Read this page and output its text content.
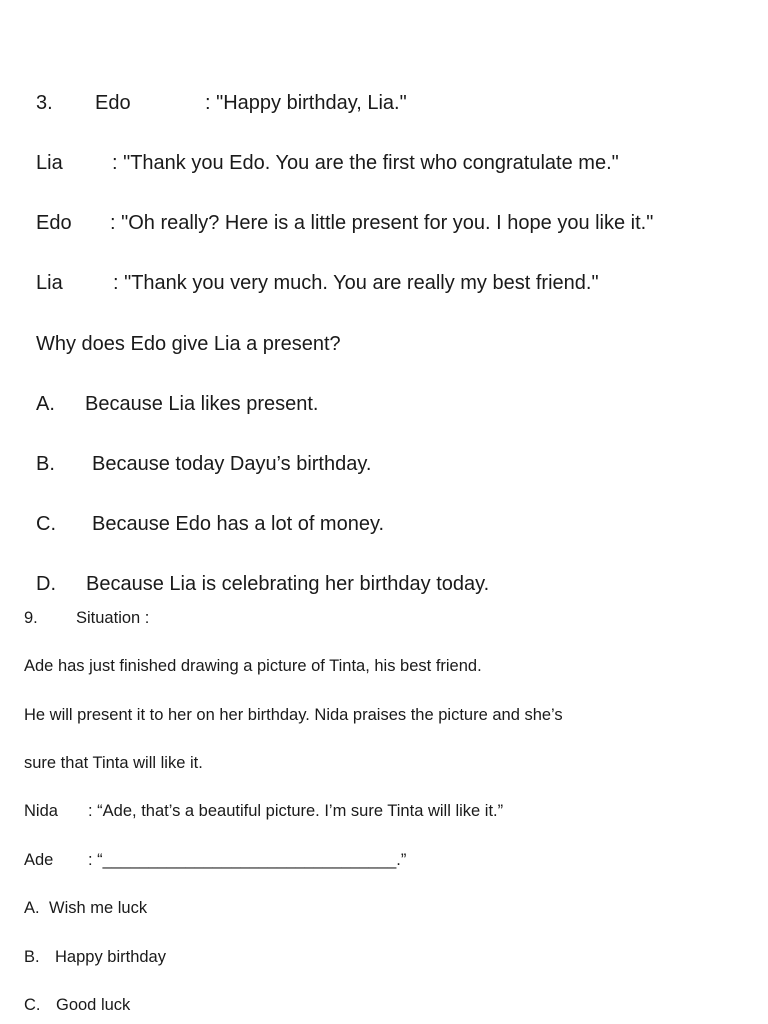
3. Edo	: "Happy birthday, Lia."
Lia : "Thank you Edo. You are the first who congratulate me."
Edo : "Oh really? Here is a little present for you. I hope you like it."
Lia	: "Thank you very much. You are really my best friend."
Why does Edo give Lia a present?
A. Because Lia likes present.
B. Because today Dayu’s birthday.
C. Because Edo has a lot of money.
D. Because Lia is celebrating her birthday today.
9. Situation :
Ade has just finished drawing a picture of Tinta, his best friend.
He will present it to her on her birthday. Nida praises the picture and she’s
sure that Tinta will like it.
Nida : “Ade, that’s a beautiful picture. I’m sure Tinta will like it.”
Ade : “________________________________.”
A. Wish me luck
B. Happy birthday
C. Good luck
